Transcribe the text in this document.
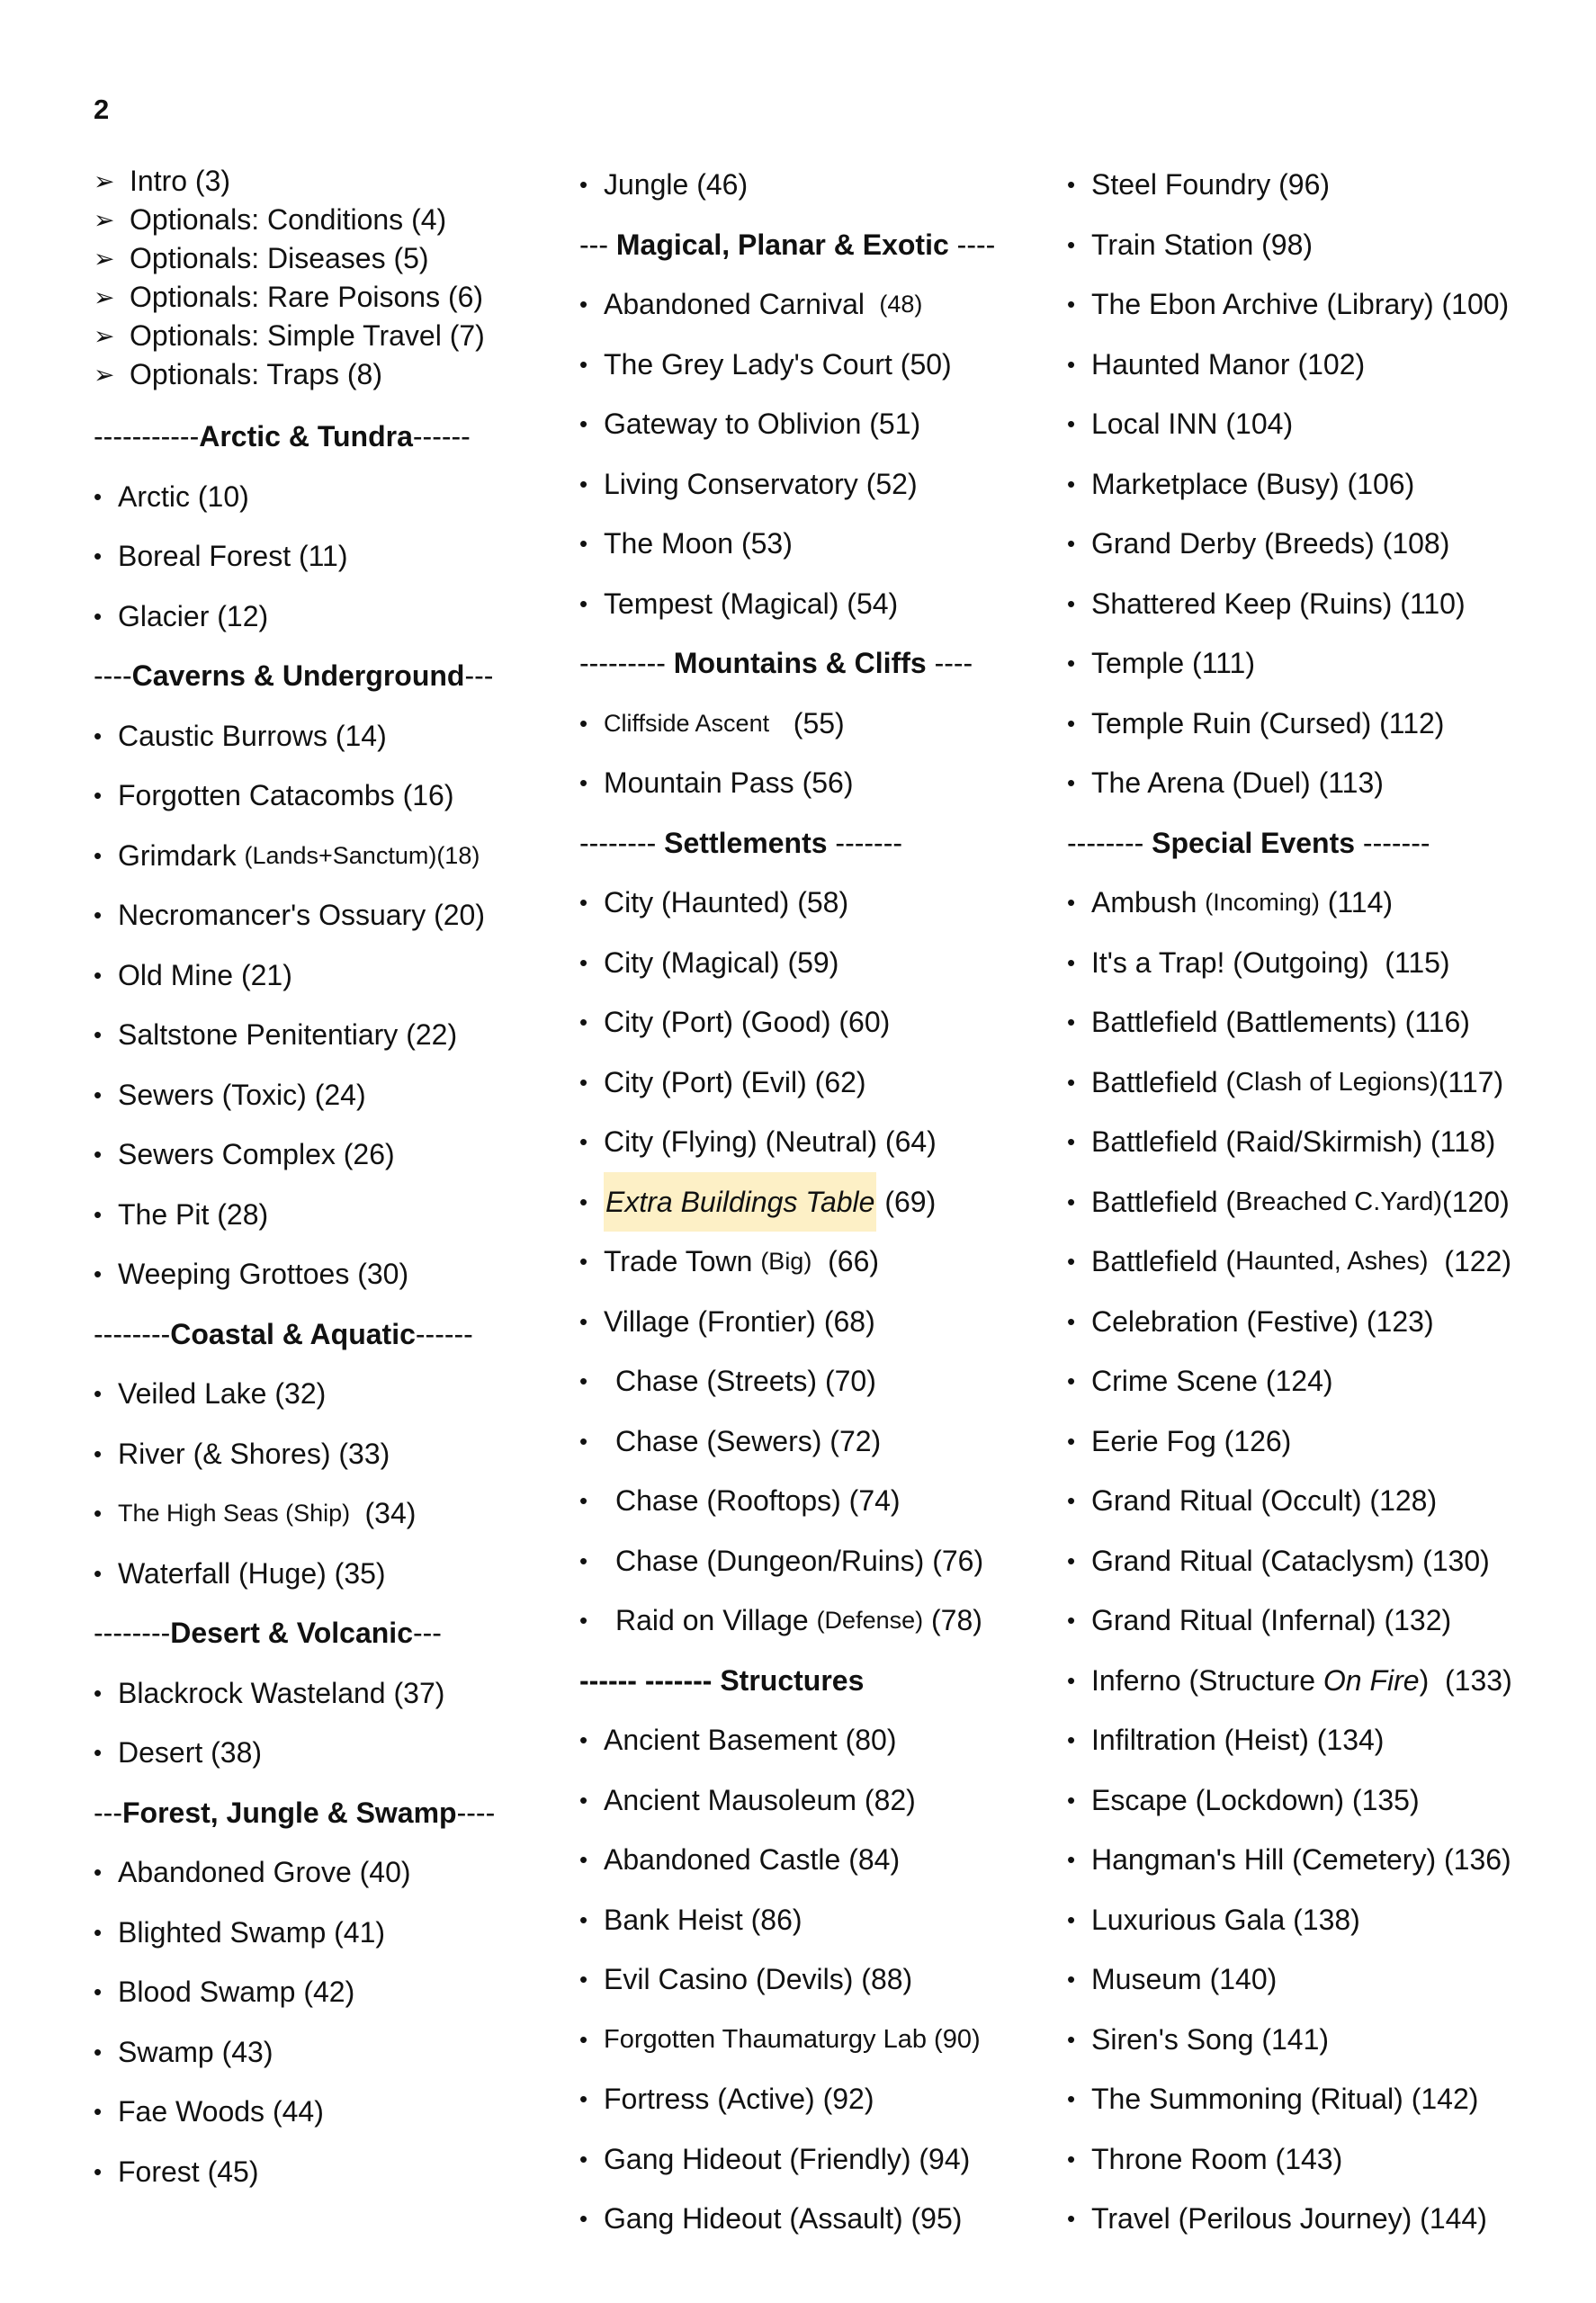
2
➢ Intro (3)
➢ Optionals: Conditions (4)
➢ Optionals: Diseases (5)
➢ Optionals: Rare Poisons (6)
➢ Optionals: Simple Travel (7)
➢ Optionals: Traps (8)
----------- Arctic & Tundra ------
• Arctic (10)
• Boreal Forest (11)
• Glacier (12)
---- Caverns & Underground ---
• Caustic Burrows (14)
• Forgotten Catacombs (16)
• Grimdark (Lands+Sanctum)(18)
• Necromancer's Ossuary (20)
• Old Mine (21)
• Saltstone Penitentiary (22)
• Sewers (Toxic) (24)
• Sewers Complex (26)
• The Pit (28)
• Weeping Grottoes (30)
-------- Coastal & Aquatic ------
• Veiled Lake (32)
• River (& Shores) (33)
• The High Seas (Ship) (34)
• Waterfall (Huge) (35)
-------- Desert & Volcanic ---
• Blackrock Wasteland (37)
• Desert (38)
--- Forest, Jungle & Swamp ----
• Abandoned Grove (40)
• Blighted Swamp (41)
• Blood Swamp (42)
• Swamp (43)
• Fae Woods (44)
• Forest (45)
• Jungle (46)
--- Magical, Planar & Exotic ----
• Abandoned Carnival (48)
• The Grey Lady's Court (50)
• Gateway to Oblivion (51)
• Living Conservatory (52)
• The Moon (53)
• Tempest (Magical) (54)
--------- Mountains & Cliffs ----
• Cliffside Ascent (55)
• Mountain Pass (56)
-------- Settlements -------
• City (Haunted) (58)
• City (Magical) (59)
• City (Port) (Good) (60)
• City (Port) (Evil) (62)
• City (Flying) (Neutral) (64)
• Extra Buildings Table (69)
• Trade Town (Big) (66)
• Village (Frontier) (68)
• Chase (Streets) (70)
• Chase (Sewers) (72)
• Chase (Rooftops) (74)
• Chase (Dungeon/Ruins) (76)
• Raid on Village (Defense) (78)
------ ------- Structures
• Ancient Basement (80)
• Ancient Mausoleum (82)
• Abandoned Castle (84)
• Bank Heist (86)
• Evil Casino (Devils) (88)
• Forgotten Thaumaturgy Lab (90)
• Fortress (Active) (92)
• Gang Hideout (Friendly) (94)
• Gang Hideout (Assault) (95)
• Steel Foundry (96)
• Train Station (98)
• The Ebon Archive (Library) (100)
• Haunted Manor (102)
• Local INN (104)
• Marketplace (Busy) (106)
• Grand Derby (Breeds) (108)
• Shattered Keep (Ruins) (110)
• Temple (111)
• Temple Ruin (Cursed) (112)
• The Arena (Duel) (113)
-------- Special Events -------
• Ambush (Incoming) (114)
• It's a Trap! (Outgoing)  (115)
• Battlefield (Battlements) (116)
• Battlefield ( Clash of Legions) (117)
• Battlefield (Raid/Skirmish) (118)
• Battlefield ( Breached C.Yard) (120)
• Battlefield ( Haunted, Ashes) (122)
• Celebration (Festive) (123)
• Crime Scene (124)
• Eerie Fog (126)
• Grand Ritual (Occult) (128)
• Grand Ritual (Cataclysm) (130)
• Grand Ritual (Infernal) (132)
• Inferno (Structure On Fire )  (133)
• Infiltration (Heist) (134)
• Escape (Lockdown) (135)
• Hangman's Hill (Cemetery) (136)
• Luxurious Gala (138)
• Museum (140)
• Siren's Song (141)
• The Summoning (Ritual) (142)
• Throne Room (143)
• Travel (Perilous Journey) (144)
